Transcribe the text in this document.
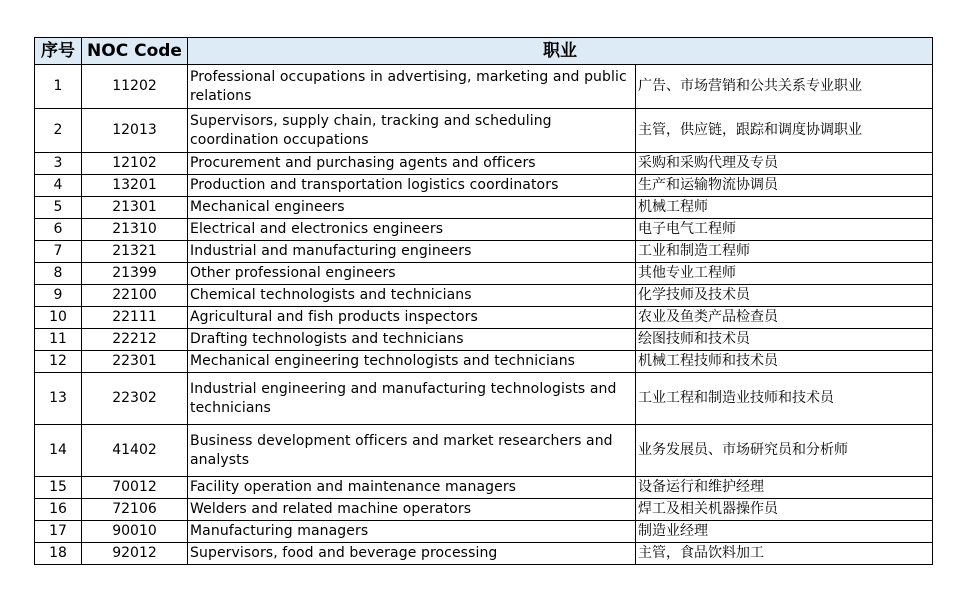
序号	NOC Code	职业	
1	11202	Professional occupations in advertising, marketing and public relations	广告、市场营销和公共关系专业职业
2	12013	Supervisors, supply chain, tracking and scheduling coordination occupations	主管，供应链，跟踪和调度协调职业
3	12102	Procurement and purchasing agents and officers	采购和采购代理及专员
4	13201	Production and transportation logistics coordinators	生产和运输物流协调员
5	21301	Mechanical engineers	机械工程师
6	21310	Electrical and electronics engineers	电子电气工程师
7	21321	Industrial and manufacturing engineers	工业和制造工程师
8	21399	Other professional engineers	其他专业工程师
9	22100	Chemical technologists and technicians	化学技师及技术员
10	22111	Agricultural and fish products inspectors	农业及鱼类产品检查员
11	22212	Drafting technologists and technicians	绘图技师和技术员
12	22301	Mechanical engineering technologists and technicians	机械工程技师和技术员
13	22302	Industrial engineering and manufacturing technologists and technicians	工业工程和制造业技师和技术员
14	41402	Business development officers and market researchers and analysts	业务发展员、市场研究员和分析师
15	70012	Facility operation and maintenance managers	设备运行和维护经理
16	72106	Welders and related machine operators	焊工及相关机器操作员
17	90010	Manufacturing managers	制造业经理
18	92012	Supervisors, food and beverage processing	主管，食品饮料加工
